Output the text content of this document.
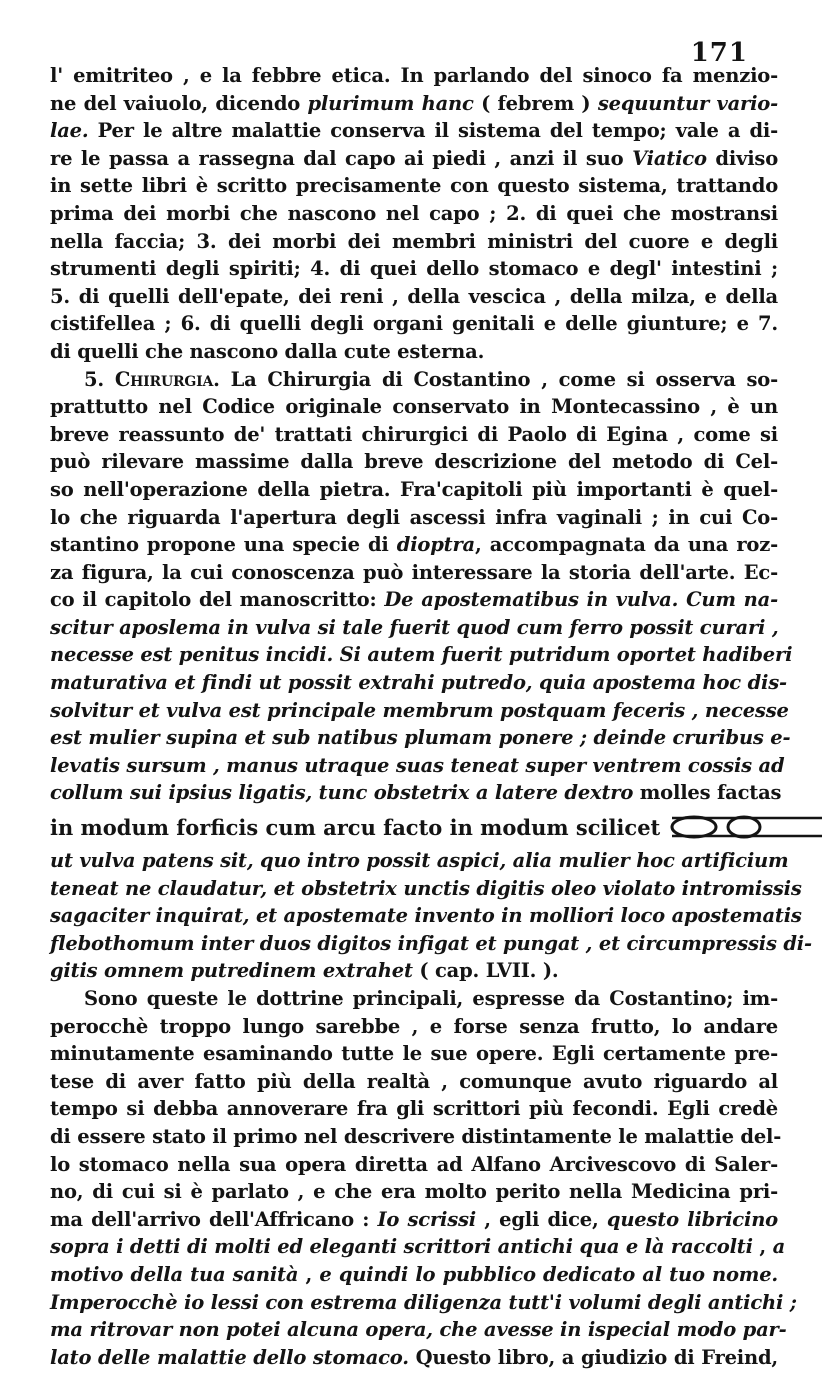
171
l' emitriteo , e la febbre etica. In parlando del sinoco fa menzio-
ne del vaiuolo, dicendo plurimum hanc ( febrem ) sequuntur vario-
lae. Per le altre malattie conserva il sistema del tempo; vale a di-
re le passa a rassegna dal capo ai piedi , anzi il suo Viatico diviso
in sette libri è scritto precisamente con questo sistema, trattando
prima dei morbi che nascono nel capo ; 2. di quei che mostransi
nella faccia; 3. dei morbi dei membri ministri del cuore e degli
strumenti degli spiriti; 4. di quei dello stomaco e degl' intestini ;
5. di quelli dell'epate, dei reni , della vescica , della milza, e della
cistifellea ; 6. di quelli degli organi genitali e delle giunture; e 7.
di quelli che nascono dalla cute esterna.
5. Chirurgia. La Chirurgia di Costantino , come si osserva so-
prattutto nel Codice originale conservato in Montecassino , è un
breve reassunto de' trattati chirurgici di Paolo di Egina , come si
può rilevare massime dalla breve descrizione del metodo di Cel-
so nell'operazione della pietra. Fra'capitoli più importanti è quel-
lo che riguarda l'apertura degli ascessi infra vaginali ; in cui Co-
stantino propone una specie di dioptra, accompagnata da una roz-
za figura, la cui conoscenza può interessare la storia dell'arte. Ec-
co il capitolo del manoscritto: De apostematibus in vulva. Cum na-
scitur aposlema in vulva si tale fuerit quod cum ferro possit curari ,
necesse est penitus incidi. Si autem fuerit putridum oportet hadiberi
maturativa et findi ut possit extrahi putredo, quia apostema hoc dis-
solvitur et vulva est principale membrum postquam feceris , necesse
est mulier supina et sub natibus plumam ponere ; deinde cruribus e-
levatis sursum , manus utraque suas teneat super ventrem cossis ad
collum sui ipsius ligatis, tunc obstetrix a latere dextro molles factas
in modum forficis cum arcu facto in modum scilicet
ut vulva patens sit, quo intro possit aspici, alia mulier hoc artificium
teneat ne claudatur, et obstetrix unctis digitis oleo violato intromissis
sagaciter inquirat, et apostemate invento in molliori loco apostematis
flebothomum inter duos digitos infigat et pungat , et circumpressis di-
gitis omnem putredinem extrahet ( cap. LVII. ).
Sono queste le dottrine principali, espresse da Costantino; im-
perocchè troppo lungo sarebbe , e forse senza frutto, lo andare
minutamente esaminando tutte le sue opere. Egli certamente pre-
tese di aver fatto più della realtà , comunque avuto riguardo al
tempo si debba annoverare fra gli scrittori più fecondi. Egli credè
di essere stato il primo nel descrivere distintamente le malattie del-
lo stomaco nella sua opera diretta ad Alfano Arcivescovo di Saler-
no, di cui si è parlato , e che era molto perito nella Medicina pri-
ma dell'arrivo dell'Affricano : Io scrissi , egli dice, questo libricino
sopra i detti di molti ed eleganti scrittori antichi qua e là raccolti , a
motivo della tua sanità , e quindi lo pubblico dedicato al tuo nome.
Imperocchè io lessi con estrema diligenza tutt'i volumi degli antichi ;
ma ritrovar non potei alcuna opera, che avesse in ispecial modo par-
lato delle malattie dello stomaco. Questo libro, a giudizio di Freind,
